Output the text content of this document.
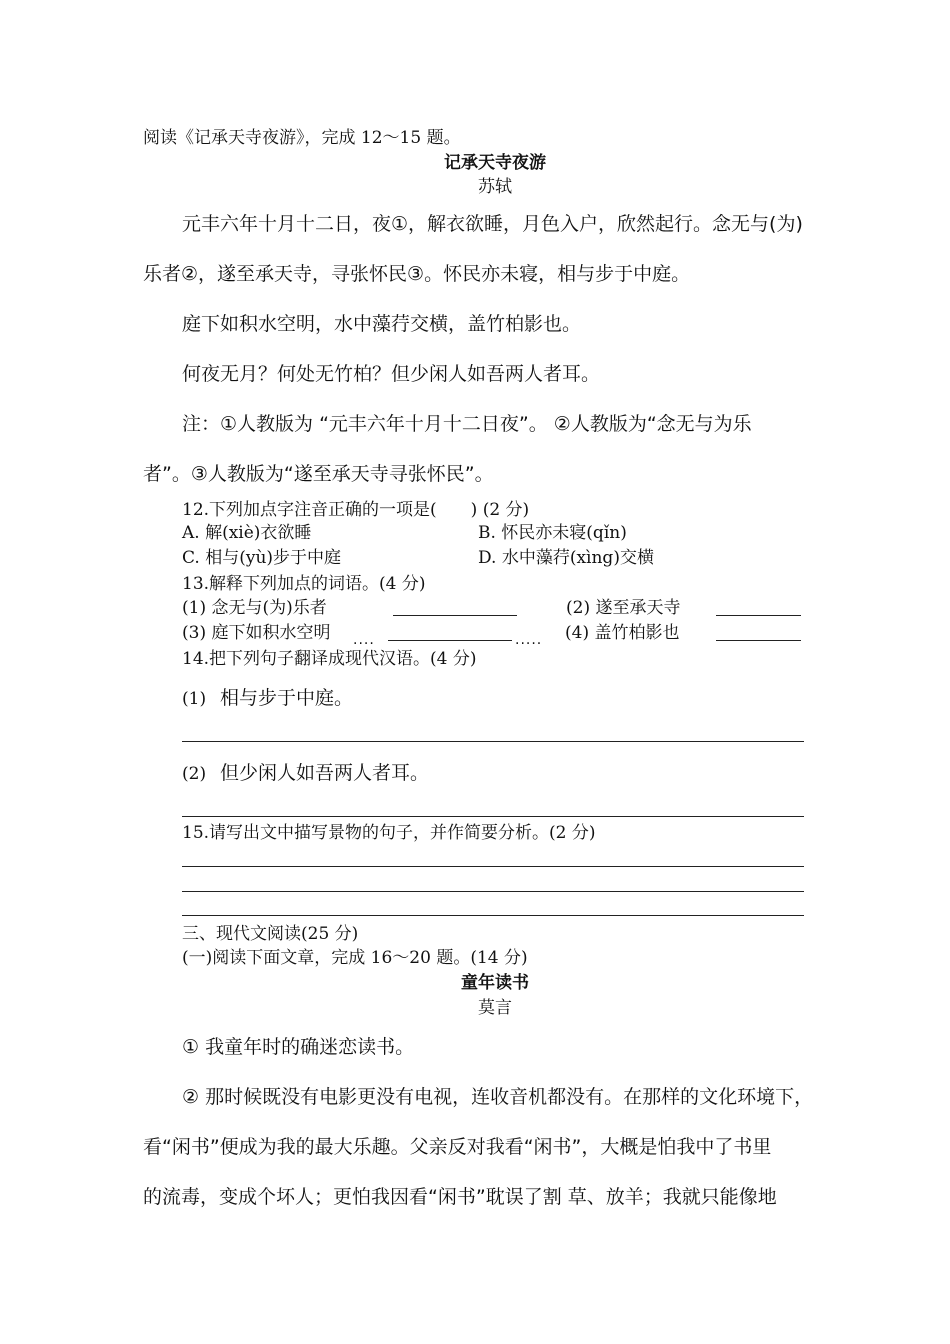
阅读《记承天寺夜游》，完成 12～15 题。
记承天寺夜游
苏轼
元丰六年十月十二日，夜①，解衣欲睡，月色入户，欣然起行。念无与(为)
乐者②，遂至承天寺，寻张怀民③。怀民亦未寝，相与步于中庭。
庭下如积水空明，水中藻荇交横，盖竹柏影也。
何夜无月？何处无竹柏？但少闲人如吾两人者耳。
注：①人教版为 “元丰六年十月十二日夜”。 ②人教版为“念无与为乐
者”。③人教版为“遂至承天寺寻张怀民”。
12.下列加点字注音正确的一项是(　　) (2 分)
A. 解(xiè)衣欲睡	B. 怀民亦未寝(qǐn)
C. 相与(yù)步于中庭	D. 水中藻荇(xìng)交横
13.解释下列加点的词语。(4 分)
(1) 念无与(为)乐者	(2) 遂至承天寺
(3) 庭下如积水空明 ....	..... (4) 盖竹柏影也
14.把下列句子翻译成现代汉语。(4 分)
(1) 相与步于中庭。
(2) 但少闲人如吾两人者耳。
15.请写出文中描写景物的句子，并作简要分析。(2 分)
三、现代文阅读(25 分)
(一)阅读下面文章，完成 16～20 题。(14 分)
童年读书
莫言
① 我童年时的确迷恋读书。
② 那时候既没有电影更没有电视，连收音机都没有。在那样的文化环境下，
看“闲书”便成为我的最大乐趣。父亲反对我看“闲书”，大概是怕我中了书里
的流毒，变成个坏人；更怕我因看“闲书”耽误了割 草、放羊；我就只能像地
